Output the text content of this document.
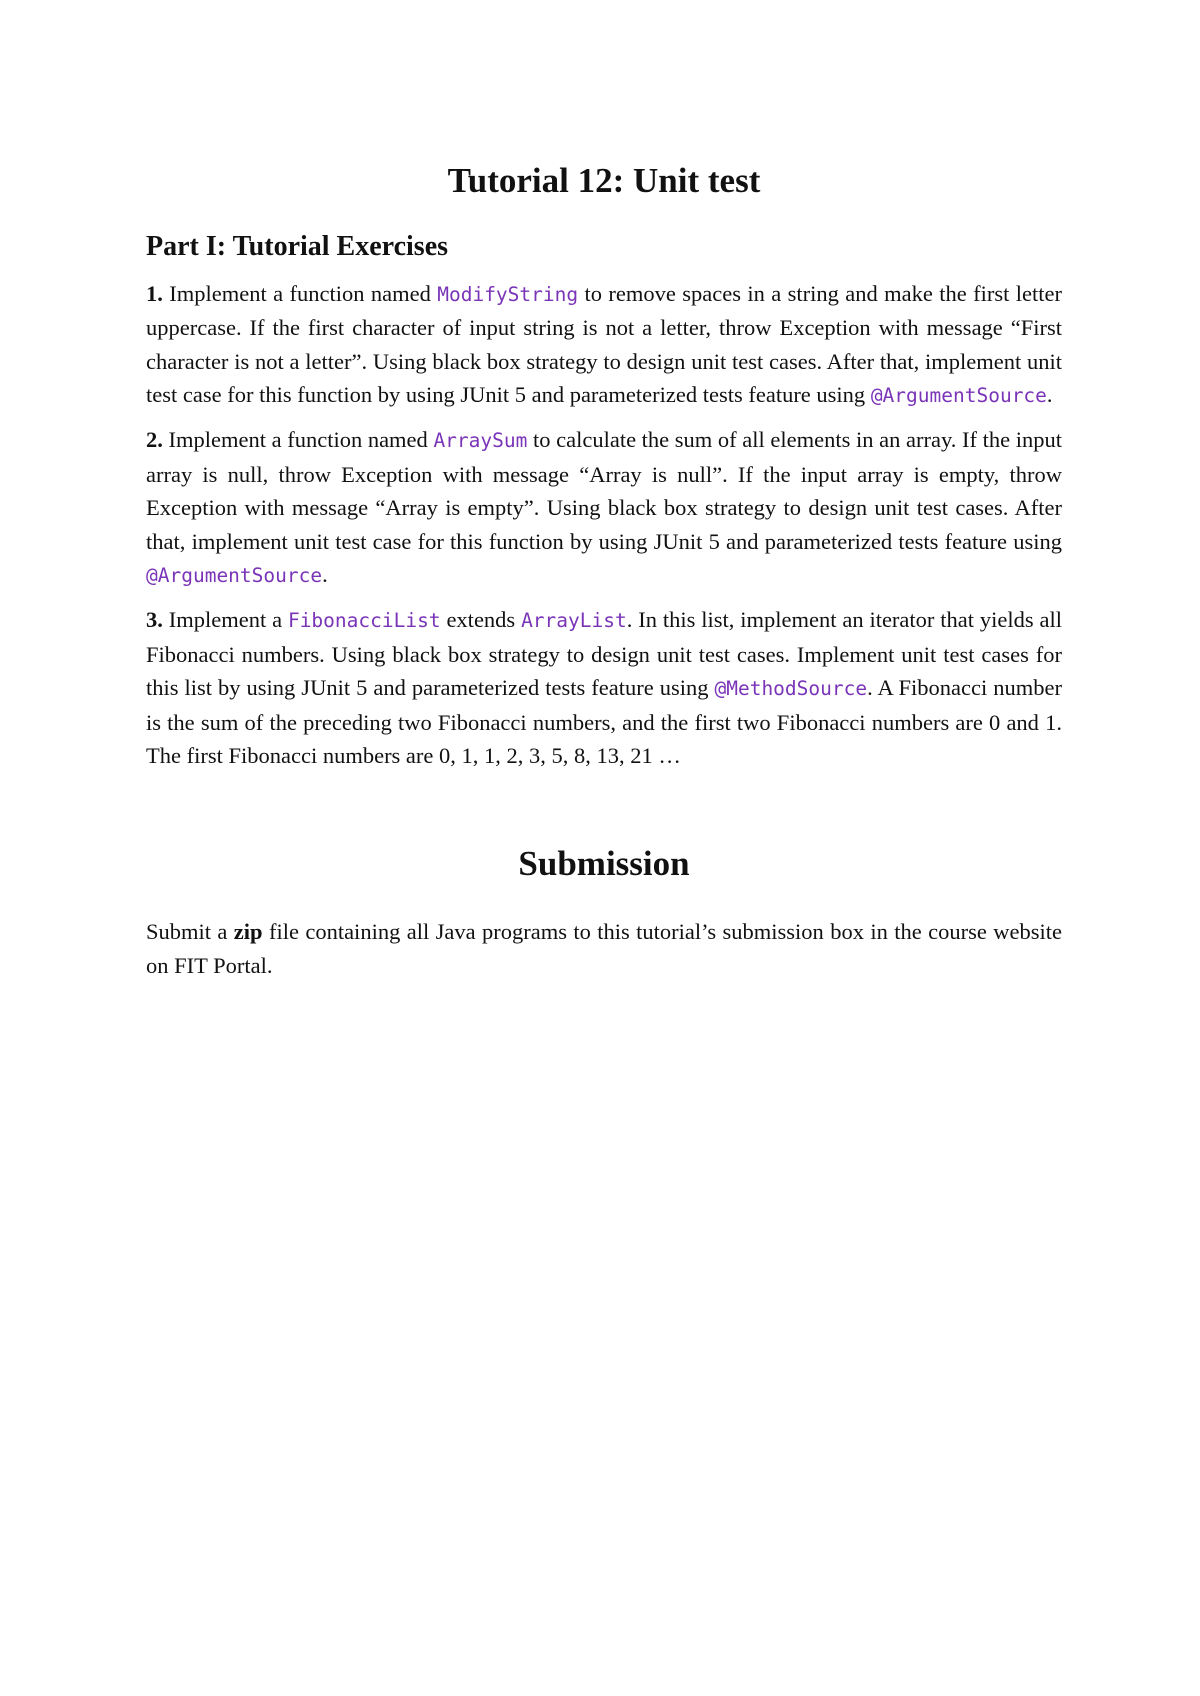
Tutorial 12: Unit test
Part I: Tutorial Exercises

1. Implement a function named ModifyString to remove spaces in a string and make the first letter uppercase. If the first character of input string is not a letter, throw Exception with message “First character is not a letter”. Using black box strategy to design unit test cases. After that, implement unit test case for this function by using JUnit 5 and parameterized tests feature using @ArgumentSource.

2. Implement a function named ArraySum to calculate the sum of all elements in an array. If the input array is null, throw Exception with message “Array is null”. If the input array is empty, throw Exception with message “Array is empty”. Using black box strategy to design unit test cases. After that, implement unit test case for this function by using JUnit 5 and parameterized tests feature using @ArgumentSource.

3. Implement a FibonacciList extends ArrayList. In this list, implement an iterator that yields all Fibonacci numbers. Using black box strategy to design unit test cases. Implement unit test cases for this list by using JUnit 5 and parameterized tests feature using @MethodSource. A Fibonacci number is the sum of the preceding two Fibonacci numbers, and the first two Fibonacci numbers are 0 and 1. The first Fibonacci numbers are 0, 1, 1, 2, 3, 5, 8, 13, 21 …

Submission

Submit a zip file containing all Java programs to this tutorial’s submission box in the course website on FIT Portal.
